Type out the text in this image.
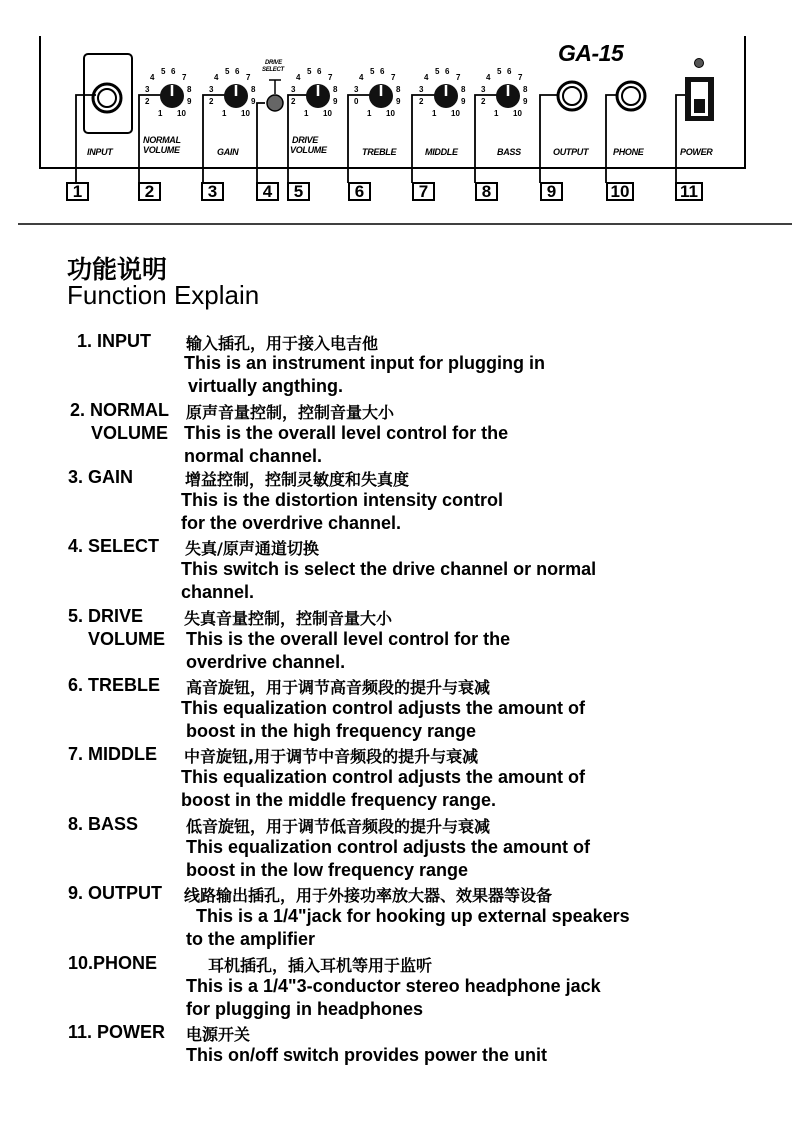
GA-15
INPUT
NORMAL
VOLUME	GAIN
DRIVE
SELECT
DRIVE
VOLUME	TREBLE	MIDDLE	BASS	OUTPUT	PHONE	POWER
4
5 6
7
3
2
8
9
1 10
4
5 6
7
3
2
8
9
1 10
4
5 6
7
3
2
8
9
1 10
4
5 6
7
3
0
8
9
1 10
4
5 6
7
3
2
8
9
1 10
4
5 6
7
3
2
8
9
1 10
1	2	3	4	5	6	7	8	9	10	11
功能说明
Function Explain
1. INPUT 输入插孔，用于接入电吉他
This is an instrument input for plugging in
virtually angthing.
2. NORMAL
VOLUME
原声音量控制，控制音量大小
This is the overall level control for the
normal channel.
3. GAIN	增益控制，控制灵敏度和失真度
This is the distortion intensity control
for the overdrive channel.
4. SELECT 失真/原声通道切换
This switch is select the drive channel or normal
channel.
5. DRIVE
VOLUME
失真音量控制，控制音量大小
This is the overall level control for the
overdrive channel.
6. TREBLE 高音旋钮，用于调节高音频段的提升与衰减
This equalization control adjusts the amount of
boost in the high frequency range
7. MIDDLE 中音旋钮,用于调节中音频段的提升与衰减
This equalization control adjusts the amount of
boost in the middle frequency range.
8. BASS	低音旋钮，用于调节低音频段的提升与衰减
This equalization control adjusts the amount of
boost in the low frequency range
9. OUTPUT 线路输出插孔，用于外接功率放大器、效果器等设备
This is a 1/4"jack for hooking up external speakers
to the amplifier
10.PHONE	耳机插孔，插入耳机等用于监听
This is a 1/4"3-conductor stereo headphone jack
for plugging in headphones
11. POWER 电源开关
This on/off switch provides power the unit
